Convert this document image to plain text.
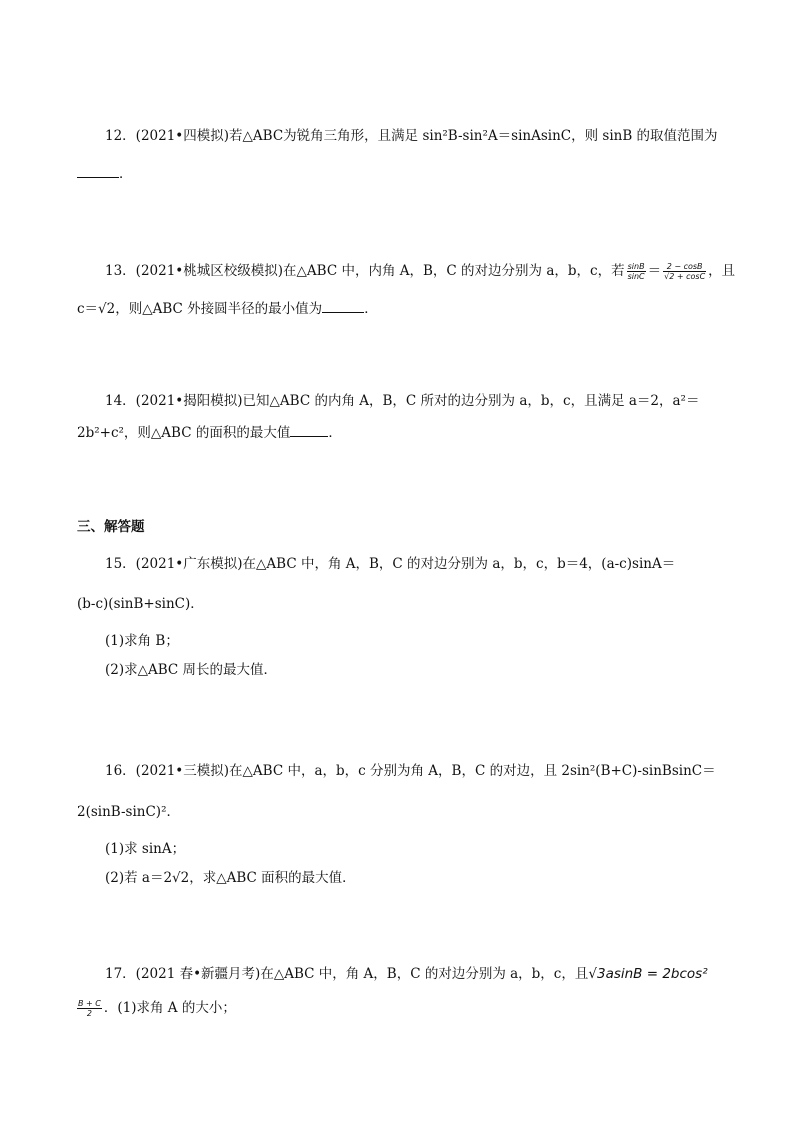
12．(2021•四模拟)若△ABC为锐角三角形，且满足 sin²B-sin²A＝sinAsinC，则 sinB 的取值范围为
．
13．(2021•桃城区校级模拟)在△ABC 中，内角 A，B，C 的对边分别为 a，b，c，若 $\frac{\sin B}{\sin C} = \frac{2 - \cos B}{√2 + \cos C}$ ，且
c＝√2，则△ABC 外接圆半径的最小值为	．
14．(2021•揭阳模拟)已知△ABC 的内角 A，B，C 所对的边分别为 a，b，c，且满足 a＝2，a²＝
2b²+c²，则△ABC 的面积的最大值	．
三、解答题
15．(2021•广东模拟)在△ABC 中，角 A，B，C 的对边分别为 a，b，c，b＝4，(a-c)sinA＝
(b-c)(sinB+sinC)．
(1)求角 B；
(2)求△ABC 周长的最大值．
16．(2021•三模拟)在△ABC 中，a，b，c 分别为角 A，B，C 的对边，且 2sin²(B+C)-sinBsinC＝
2(sinB-sinC)²．
(1)求 sinA；
(2)若 a＝2√2，求△ABC 面积的最大值．
17．(2021 春•新疆月考)在△ABC 中，角 A，B，C 的对边分别为 a，b，c，且√3asinB = 2bcos²
$\frac{B + C}{2}$ ．(1)求角 A 的大小；
